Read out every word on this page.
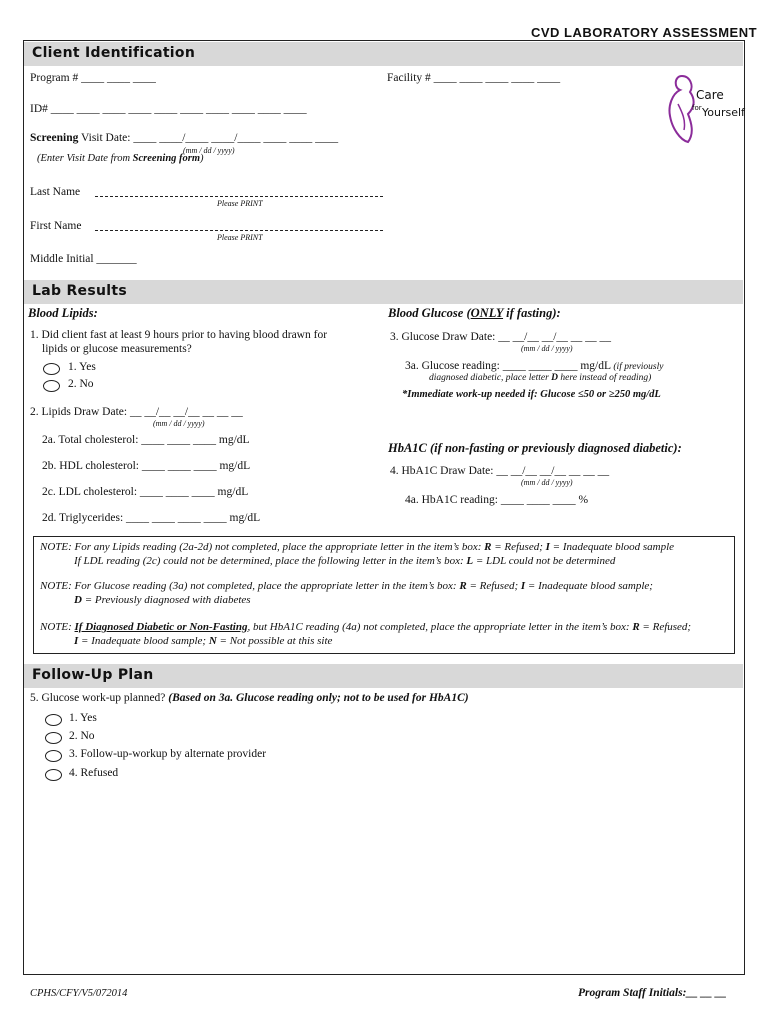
CVD LABORATORY ASSESSMENT
Client Identification
Program # ____ ____ ____	Facility # ____ ____ ____ ____ ____
ID# ____ ____ ____ ____ ____ ____ ____ ____ ____ ____
Screening Visit Date: ____ ____/____ ____/____ ____ ____ ____
(mm / dd / yyyy)
(Enter Visit Date from Screening form)
Last Name
Please PRINT
First Name
Please PRINT
Middle Initial _______
Care
for Yourself
Lab Results
Blood Lipids:
1. Did client fast at least 9 hours prior to having blood drawn for
lipids or glucose measurements?
1. Yes
2. No
2. Lipids Draw Date: __ __/__ __/__ __ __ __
(mm / dd / yyyy)
2a. Total cholesterol: ____ ____ ____ mg/dL
2b. HDL cholesterol: ____ ____ ____ mg/dL
2c. LDL cholesterol: ____ ____ ____ mg/dL
2d. Triglycerides: ____ ____ ____ ____ mg/dL
Blood Glucose (ONLY if fasting):
3. Glucose Draw Date: __ __/__ __/__ __ __ __
(mm / dd / yyyy)
3a. Glucose reading: ____ ____ ____ mg/dL (if previously
diagnosed diabetic, place letter D here instead of reading)
*Immediate work-up needed if: Glucose ≤50 or ≥250 mg/dL
HbA1C (if non-fasting or previously diagnosed diabetic):
4. HbA1C Draw Date: __ __/__ __/__ __ __ __
(mm / dd / yyyy)
4a. HbA1C reading: ____ ____ ____ %
NOTE: For any Lipids reading (2a-2d) not completed, place the appropriate letter in the item’s box: R = Refused; I = Inadequate blood sample
If LDL reading (2c) could not be determined, place the following letter in the item’s box: L = LDL could not be determined
NOTE: For Glucose reading (3a) not completed, place the appropriate letter in the item’s box: R = Refused; I = Inadequate blood sample;
D = Previously diagnosed with diabetes
NOTE: If Diagnosed Diabetic or Non-Fasting, but HbA1C reading (4a) not completed, place the appropriate letter in the item’s box: R = Refused;
I = Inadequate blood sample; N = Not possible at this site
Follow-Up Plan
5. Glucose work-up planned? (Based on 3a. Glucose reading only; not to be used for HbA1C)
1. Yes
2. No
3. Follow-up-workup by alternate provider
4. Refused
CPHS/CFY/V5/072014	Program Staff Initials:__ __ __
